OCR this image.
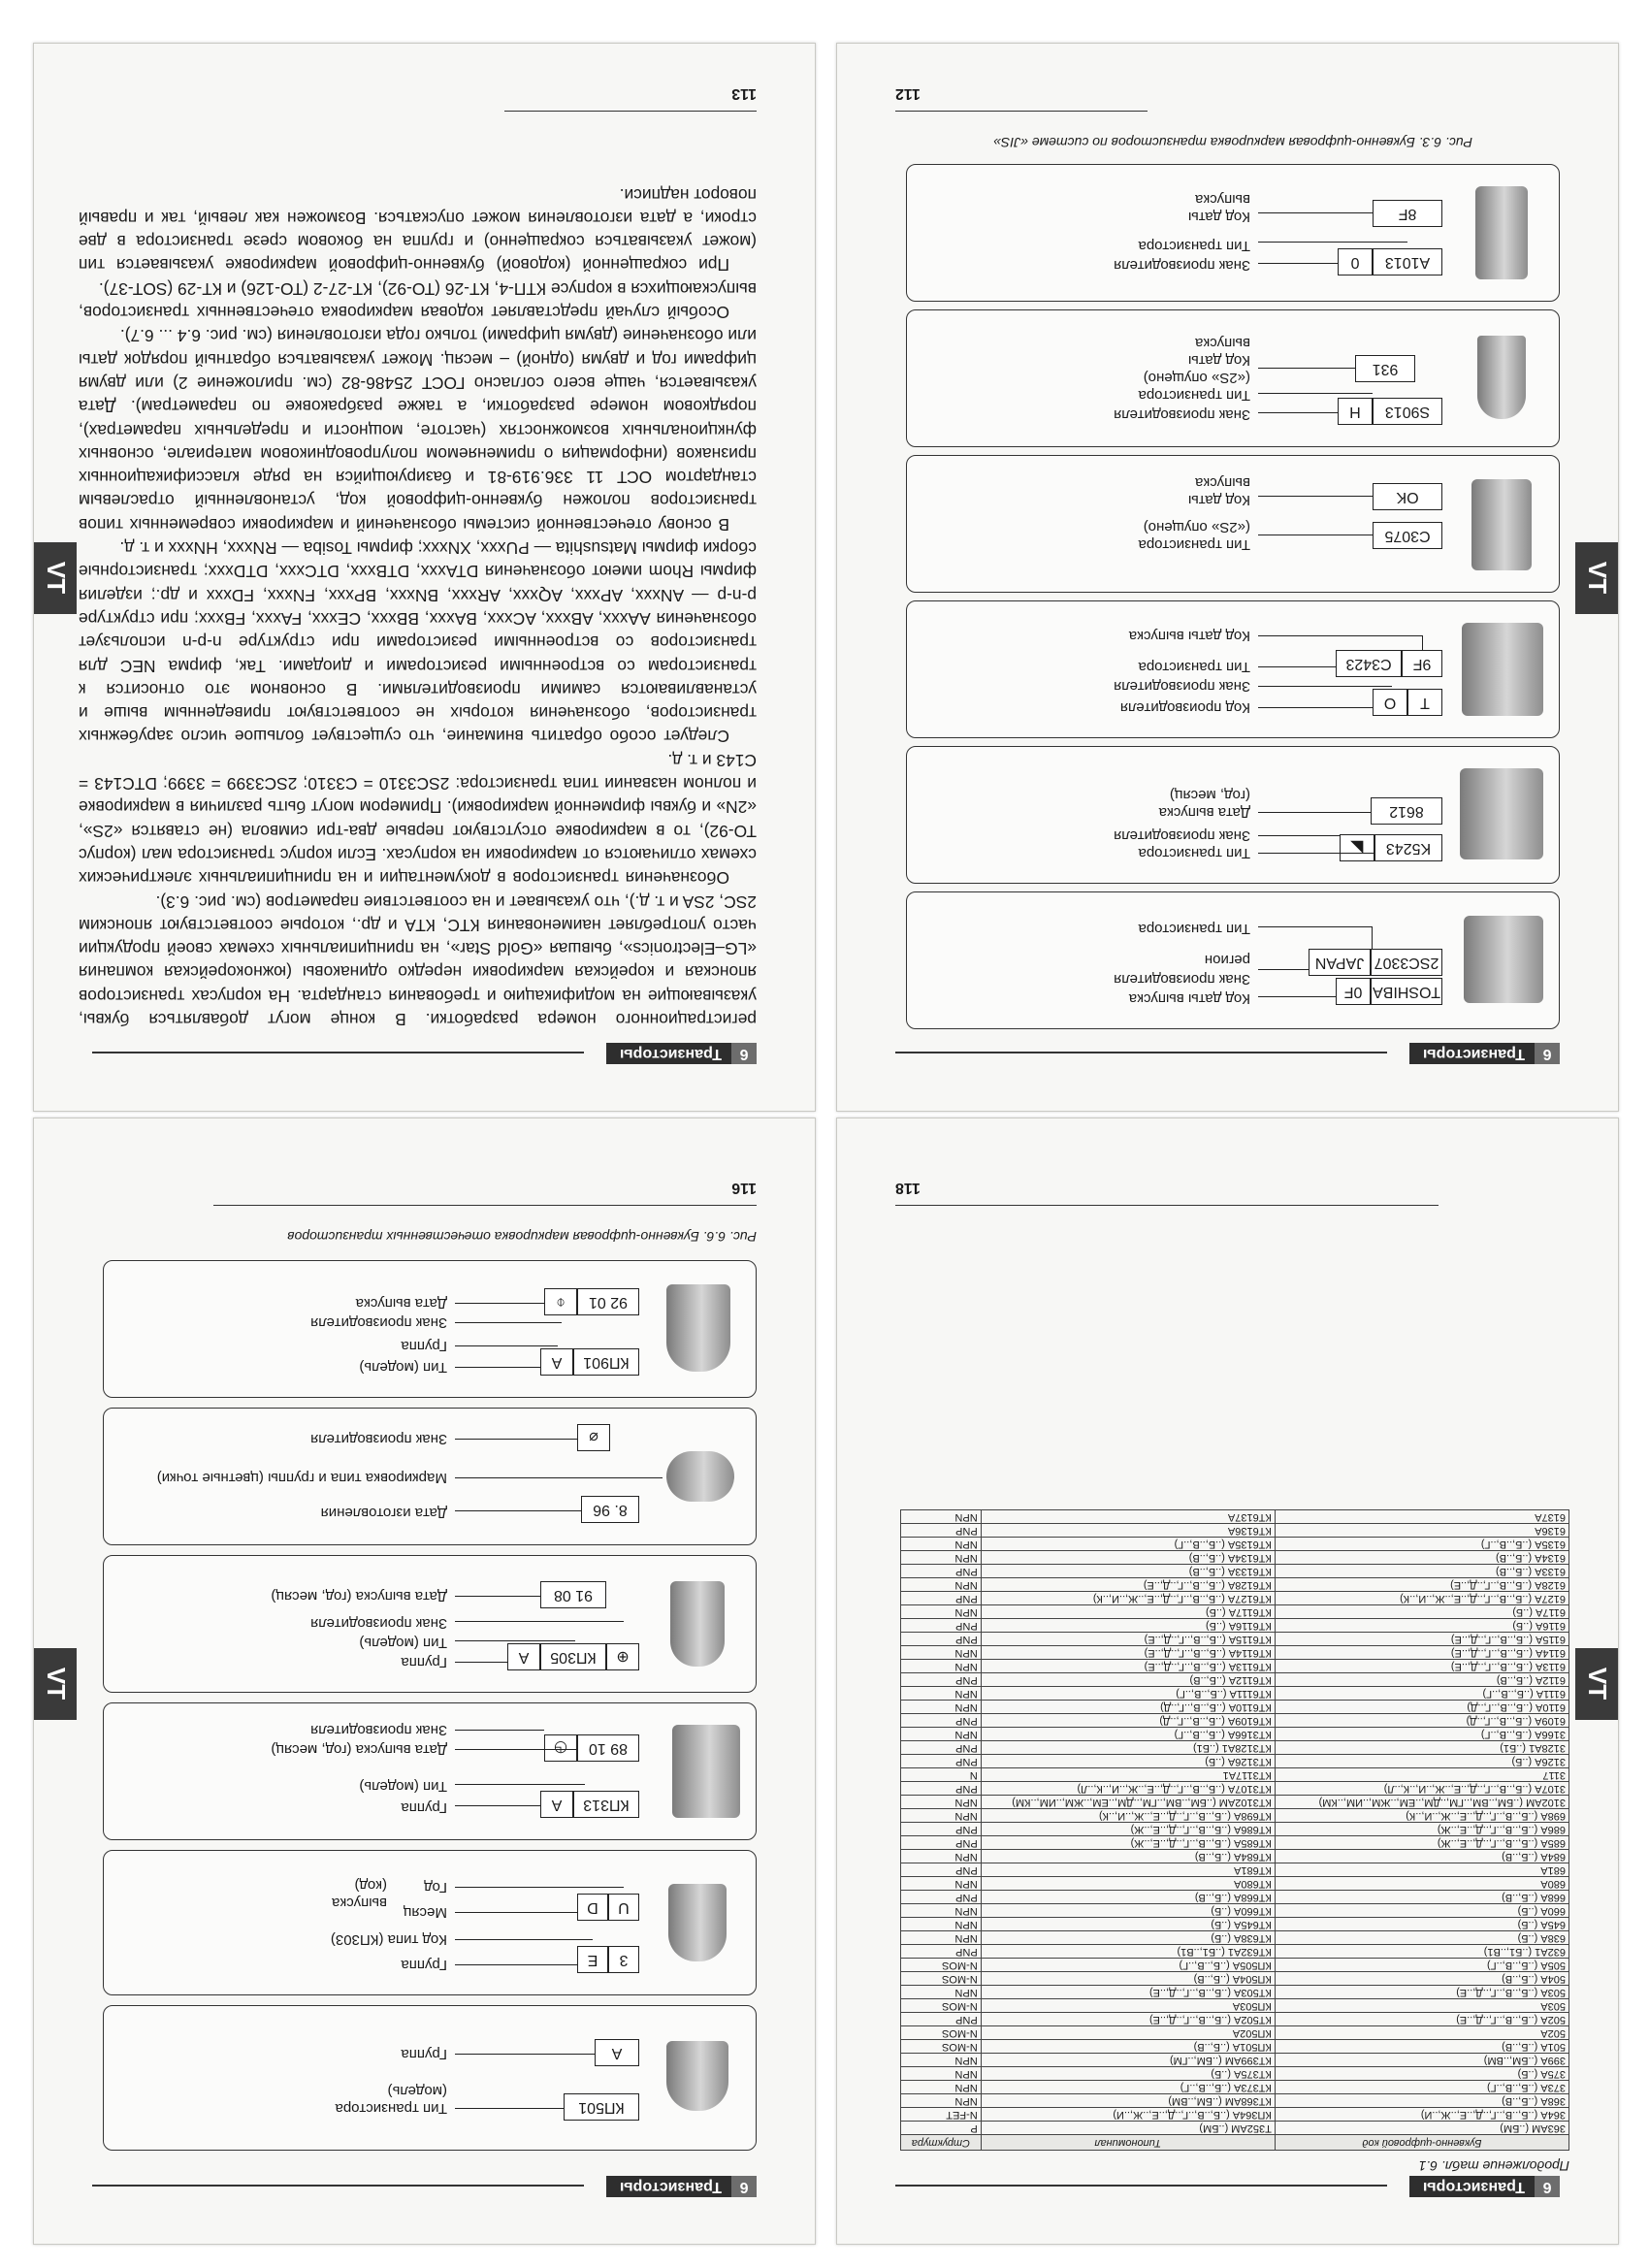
6
Транзисторы

регистрационного номера разработки. В конце могут добавляться буквы, указывающие на модификацию и требования стандарта. На корпусах транзисторов японская и корейская маркировки нередко одинаковы (южнокорейская компания «LG–Electronics», бывшая «Gold Star», на принципиальных схемах своей продукции часто употребляет наименования КТС, КТА и др., которые соответствуют японским 2SC, 2SA и т. д.), что указывает и на соответствие параметров (см. рис. 6.3).

Обозначения транзисторов в документации и на принципиальных электрических схемах отличаются от маркировки на корпусах. Если корпус транзистора мал (корпус ТО-92), то в маркировке отсутствуют первые два-три символа (не ставятся «2S», «2N» и буквы фирменной маркировки). Примером могут быть различия в маркировке и полном названии типа транзистора: 2SC3310 = C3310; 2SC3399 = 3399; DTC143 = C143 и т. д.

Следует особо обратить внимание, что существует большое число зарубежных транзисторов, обозначения которых не соответствуют приведенным выше и устанавливаются самими производителями. В основном это относится к транзисторам со встроенными резисторами и диодами. Так, фирма NEC для транзисторов со встроенными резисторами при структуре n-p-n использует обозначения AAxxx, ABxxx, ACxxx, BAxxx, BBxxx, CExxx, FAxxx, FBxxx; при структуре p-n-p — ANxxx, APxxx, AQxxx, ARxxx, BNxxx, BPxxx, FNxxx, FDxxx и др.; изделия фирмы Rhom имеют обозначения DTAxxx, DTBxxx, DTCxxx, DTDxxx; транзисторные сборки фирмы Matsushita — PUxxx, XNxxx; фирмы Tosiba — RNxxx, HNxxx и т. д.

В основу отечественной системы обозначений и маркировки современных типов транзисторов положен буквенно-цифровой код, установленный отраслевым стандартом ОСТ 11 336.919-81 и базирующийся на ряде классификационных признаков (информация о применяемом полупроводниковом материале, основных функциональных возможностях (частоте, мощности и предельных параметрах), порядковом номере разработки, а также разбраковке по параметрам). Дата указывается, чаще всего согласно ГОСТ 25486-82 (см. приложение 2) или двумя цифрами год и двумя (одной) – месяц. Может указываться обратный порядок даты или обозначение (двумя цифрами) только года изготовления (см. рис. 6.4 ... 6.7).

Особый случай представляет кодовая маркировка отечественных транзисторов, выпускающихся в корпусе КТП-4, КТ-26 (ТО-92), КТ-27-2 (ТО-126) и КТ-29 (SOT-37).

При сокращенной (кодовой) буквенно-цифровой маркировке указывается тип (может указываться сокращенно) и группа на боковом срезе транзистора в две строки, а дата изготовления может опускаться. Возможен как левый, так и правый поворот надписи.

113
VT
6
Транзисторы
TOSHIBA
0F
2SC3307
JAPAN
Код даты выпуска
Знак производителя
регион
Тип транзистора
K5243
◣
8612
Тип транзистора
Знак производителя
Дата выпуска
(год, месяц)
T
O
9F
C3423
Код производителя
Знак производителя
Тип транзистора
Код даты выпуска
C3075
OK
Тип транзистора
(«2S» опущено)
Код даты
выпуска
S9013
H
931
Знак производителя
Тип транзистора
(«2S» опущено)
Код даты
выпуска
A1013
0
8F
Знак производителя
Тип транзистора
Код даты
выпуска
Рис. 6.3. Буквенно-цифровая маркировка транзисторов по системе «JIS»
112
VT
6
Транзисторы
КП501
А
Тип транзистора
(модель)
Группа
3
Е
U
D
Группа
Код типа (КП303)
Месяц
Год
выпуска
(код)
КП313
А
89 10
◷
Группа
Тип (модель)
Дата выпуска (год, месяц)
Знак производителя
⊕
КП305
А
91 08
Группа
Тип (модель)
Знак производителя
Дата выпуска (год, месяц)
8. 96
⌀
Дата изготовления
Маркировка типа и группы (цветные точки)
Знак производителя
КП901
А
92 01
⌽
Тип (модель)
Группа
Знак производителя
Дата выпуска
Рис. 6.6. Буквенно-цифровая маркировка отечественных транзисторов
116
VT
6
Транзисторы
Продолжение табл. 6.1
Буквенно-цифровой код	Типономинал	Структура
363АМ (..БМ)	Т352АМ (..БМ)	Р
364А (..Б,..В,..Г,..Д,..Е,..Ж,..И)	КП364А (..Б,..В,..Г,..Д,..Е,..Ж,..И)	N-FET
368А (..Б,..В)	КТ368АМ (..БМ,..ВМ)	NPN
373А (..Б,..В,..Г)	КТ373А (..Б,..В,..Г)	NPN
375А (..Б)	КТ375А (..Б)	NPN
399А (..БМ,..ВМ)	КТ399АМ (..БМ,..ГМ)	NPN
501А (..Б,..В)	КП501А (..Б,..В)	N-MOS
502А	КП502А	N-MOS
502А (..Б,..В,..Г,..Д,..Е)	КТ502А (..Б,..В,..Г,..Д,..Е)	PNP
503А	КП503А	N-MOS
503А (..Б,..В,..Г,..Д,..Е)	КТ503А (..Б,..В,..Г,..Д,..Е)	NPN
504А (..Б,..В)	КП504А (..Б,..В)	N-MOS
505А (..Б,..В,..Г)	КП505А (..Б,..В,..Г)	N-MOS
632А1 (..Б1,..В1)	КТ632А1 (..Б1,..В1)	PNP
638А (..Б)	КТ638А (..Б)	NPN
645А (..Б)	КТ645А (..Б)	NPN
660А (..Б)	КТ660А (..Б)	NPN
668А (..Б,..В)	КТ668А (..Б,..В)	PNP
680А	КТ680А	NPN
681А	КТ681А	PNP
684А (..Б,..В)	КТ684А (..Б,..В)	NPN
685А (..Б,..В,..Г,..Д,..Е,..Ж)	КТ685А (..Б,..В,..Г,..Д,..Е,..Ж)	PNP
686А (..Б,..В,..Г,..Д,..Е,..Ж)	КТ686А (..Б,..В,..Г,..Д,..Е,..Ж)	PNP
698А (..Б,..В,..Г,..Д,..Е,..Ж,..И,..К)	КТ698А (..Б,..В,..Г,..Д,..Е,..Ж,..И,..К)	NPN
3102АМ (..БМ,..ВМ,..ГМ,..ДМ,..ЕМ,..ЖМ,..ИМ,..КМ)	КТ3102АМ (..БМ,..ВМ,..ГМ,..ДМ,..ЕМ,..ЖМ,..ИМ,..КМ)	NPN
3107А (..Б,..В,..Г,..Д,..Е,..Ж,..И,..К,..Л)	КТ3107А (..Б,..В,..Г,..Д,..Е,..Ж,..И,..К,..Л)	PNP
3117	КТ3117А1	N
3126А (..Б)	КТ3126А (..Б)	PNP
3128А1 (..Б1)	КТ3128А1 (..Б1)	PNP
3166А (..Б,..В,..Г)	КТ3166А (..Б,..В,..Г)	NPN
6109А (..Б,..В,..Г,..Д)	КТ6109А (..Б,..В,..Г,..Д)	PNP
6110А (..Б,..В,..Г,..Д)	КТ6110А (..Б,..В,..Г,..Д)	NPN
6111А (..Б,..В,..Г)	КТ6111А (..Б,..В,..Г)	NPN
6112А (..Б,..В)	КТ6112А (..Б,..В)	PNP
6113А (..Б,..В,..Г,..Д,..Е)	КТ6113А (..Б,..В,..Г,..Д,..Е)	NPN
6114А (..Б,..В,..Г,..Д,..Е)	КТ6114А (..Б,..В,..Г,..Д,..Е)	NPN
6115А (..Б,..В,..Г,..Д,..Е)	КТ6115А (..Б,..В,..Г,..Д,..Е)	PNP
6116А (..Б)	КТ6116А (..Б)	PNP
6117А (..Б)	КТ6117А (..Б)	NPN
6127А (..Б,..В,..Г,..Д,..Е,..Ж,..И,..К)	КТ6127А (..Б,..В,..Г,..Д,..Е,..Ж,..И,..К)	PNP
6128А (..Б,..В,..Г,..Д,..Е)	КТ6128А (..Б,..В,..Г,..Д,..Е)	NPN
6133А (..Б,..В)	КТ6133А (..Б,..В)	PNP
6134А (..Б,..В)	КТ6134А (..Б,..В)	NPN
6135А (..Б,..В,..Г)	КТ6135А (..Б,..В,..Г)	NPN
6136А	КТ6136А	PNP
6137А	КТ6137А	NPN
118
VT
